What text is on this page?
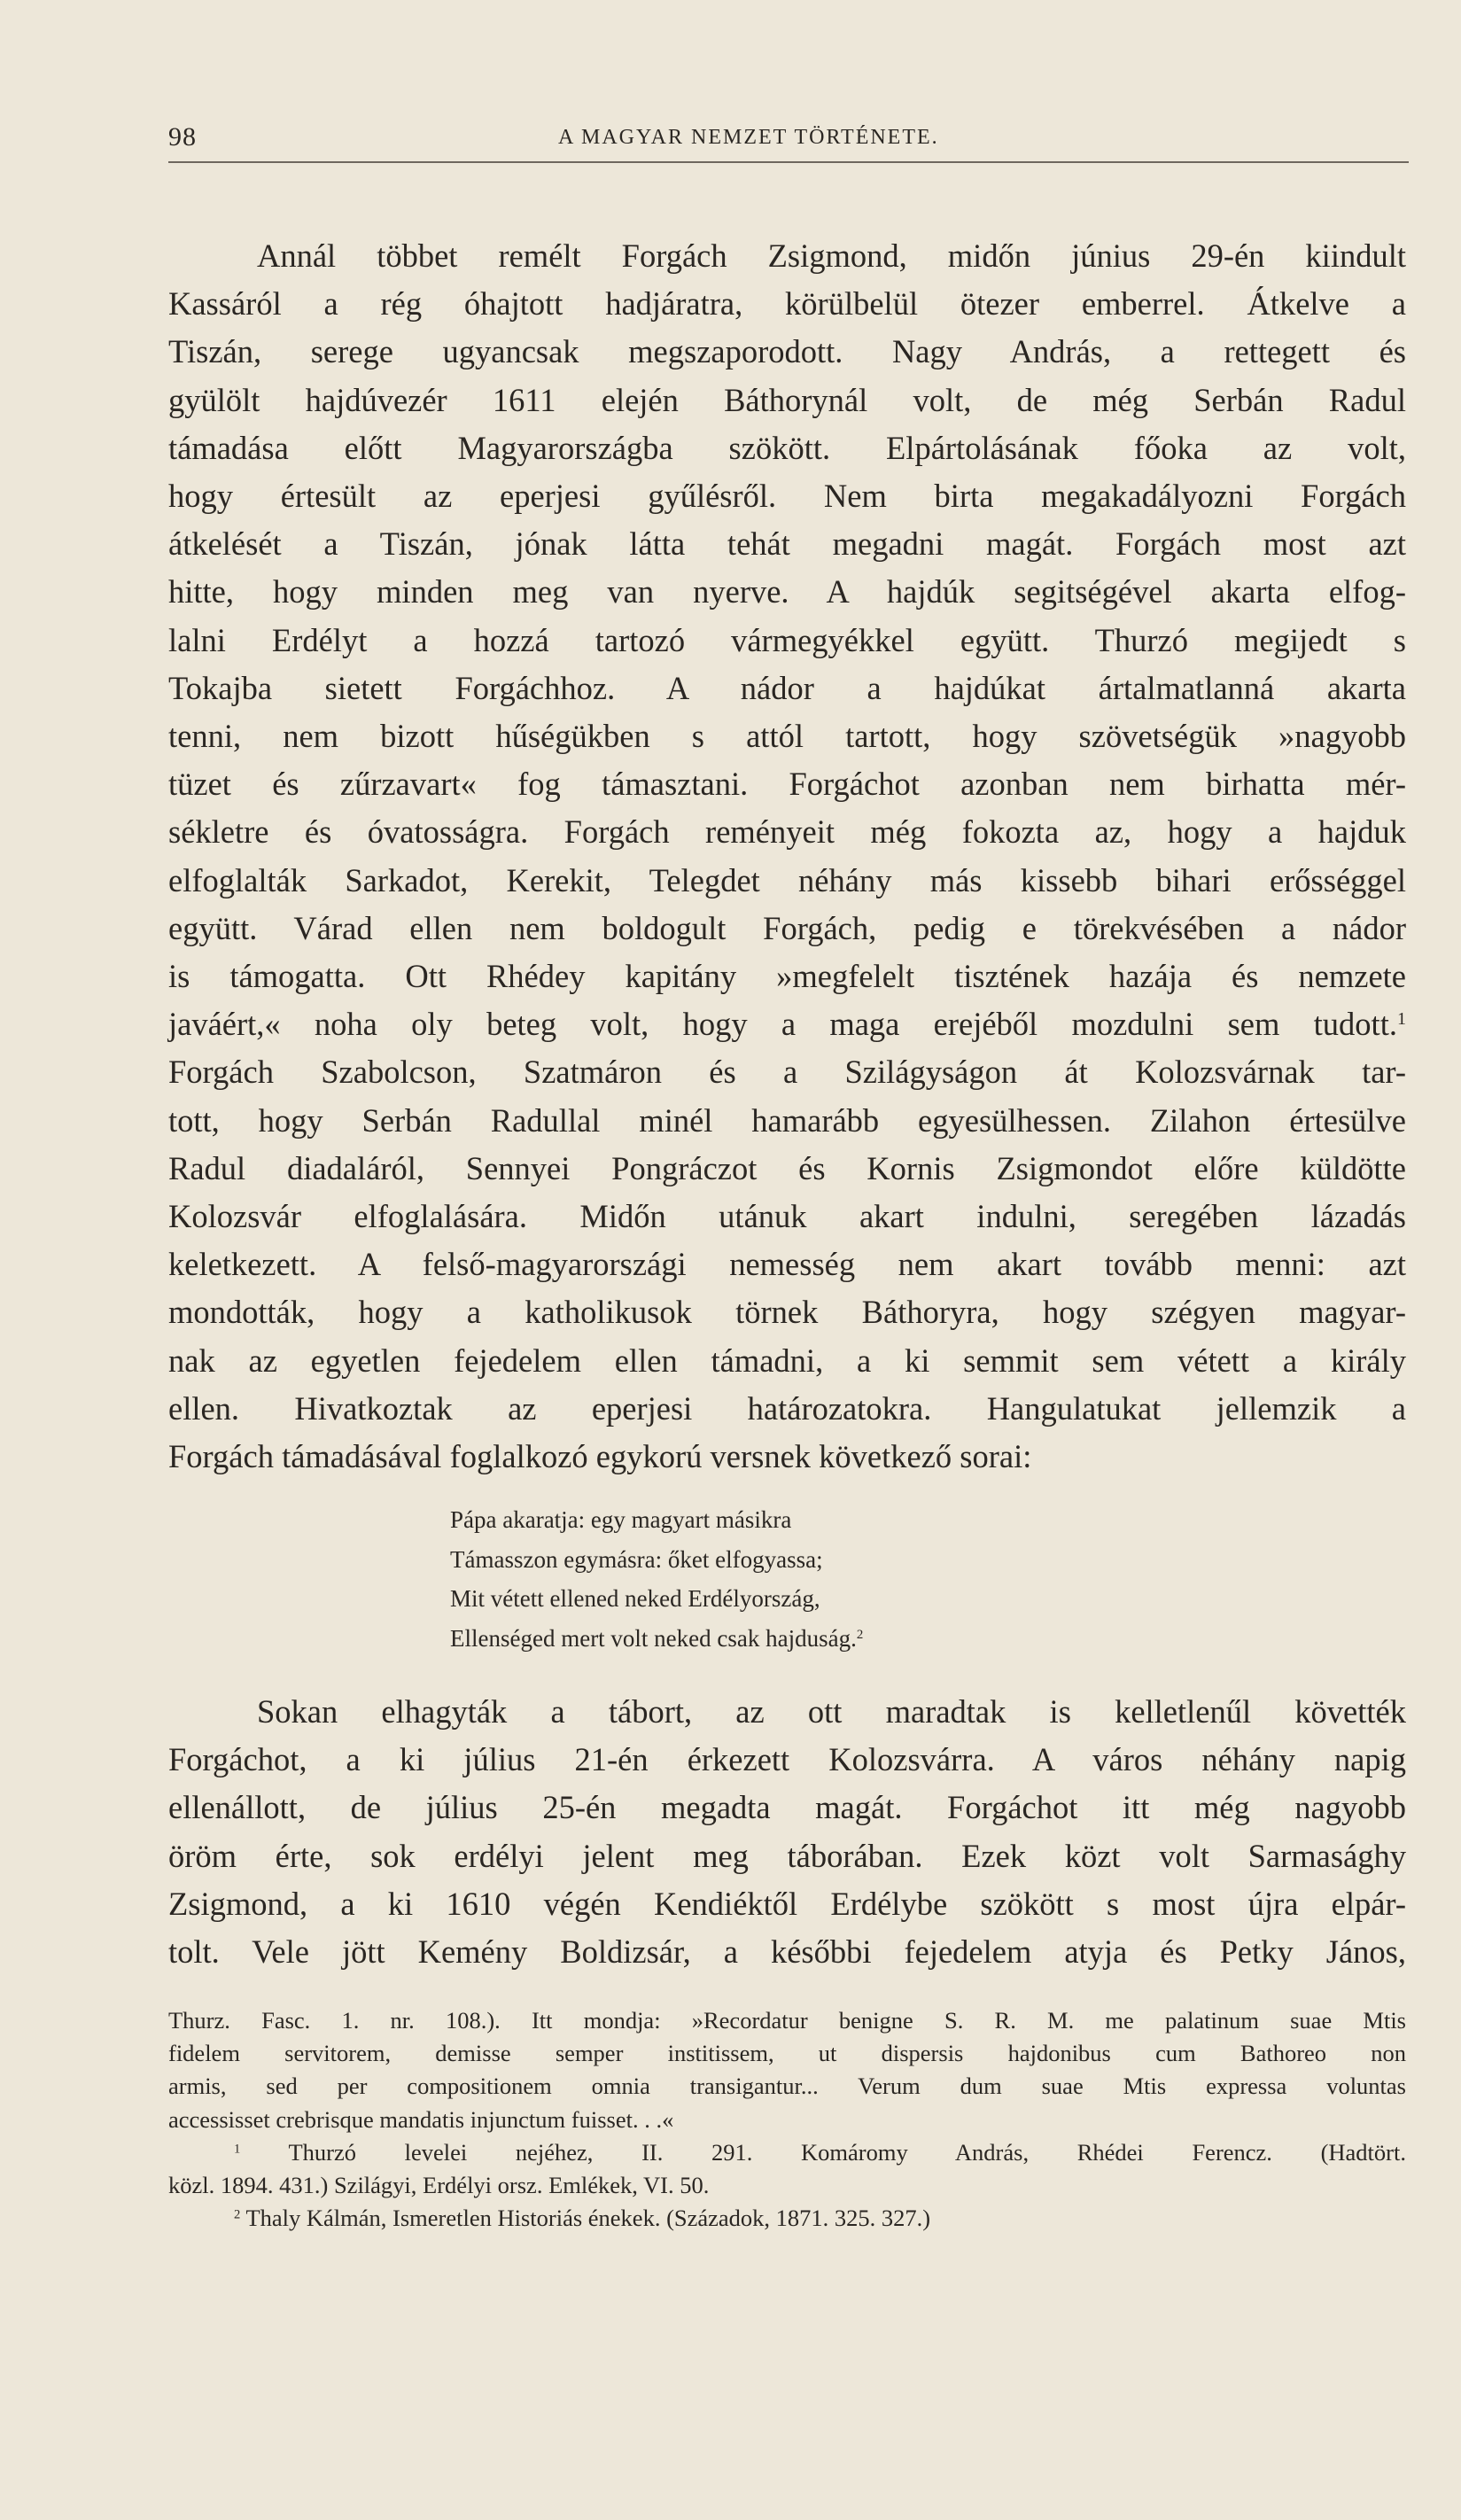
98	A MAGYAR NEMZET TÖRTÉNETE.
Annál többet remélt Forgách Zsigmond, midőn június 29-én kiindult
Kassáról a rég óhajtott hadjáratra, körülbelül ötezer emberrel. Átkelve a
Tiszán, serege ugyancsak megszaporodott. Nagy András, a rettegett és
gyülölt hajdúvezér 1611 elején Báthorynál volt, de még Serbán Radul
támadása előtt Magyarországba szökött. Elpártolásának főoka az volt,
hogy értesült az eperjesi gyűlésről. Nem birta megakadályozni Forgách
átkelését a Tiszán, jónak látta tehát megadni magát. Forgách most azt
hitte, hogy minden meg van nyerve. A hajdúk segitségével akarta elfog-
lalni Erdélyt a hozzá tartozó vármegyékkel együtt. Thurzó megijedt s
Tokajba sietett Forgáchhoz. A nádor a hajdúkat ártalmatlanná akarta
tenni, nem bizott hűségükben s attól tartott, hogy szövetségük »nagyobb
tüzet és zűrzavart« fog támasztani. Forgáchot azonban nem birhatta mér-
sékletre és óvatosságra. Forgách reményeit még fokozta az, hogy a hajduk
elfoglalták Sarkadot, Kerekit, Telegdet néhány más kissebb bihari erősséggel
együtt. Várad ellen nem boldogult Forgách, pedig e törekvésében a nádor
is támogatta. Ott Rhédey kapitány »megfelelt tisztének hazája és nemzete
javáért,« noha oly beteg volt, hogy a maga erejéből mozdulni sem tudott.$^1$
Forgách Szabolcson, Szatmáron és a Szilágyságon át Kolozsvárnak tar-
tott, hogy Serbán Radullal minél hamarább egyesülhessen. Zilahon értesülve
Radul diadaláról, Sennyei Pongráczot és Kornis Zsigmondot előre küldötte
Kolozsvár elfoglalására. Midőn utánuk akart indulni, seregében lázadás
keletkezett. A felső-magyarországi nemesség nem akart tovább menni: azt
mondották, hogy a katholikusok törnek Báthoryra, hogy szégyen magyar-
nak az egyetlen fejedelem ellen támadni, a ki semmit sem vétett a király
ellen. Hivatkoztak az eperjesi határozatokra. Hangulatukat jellemzik a
Forgách támadásával foglalkozó egykorú versnek következő sorai:
Pápa akaratja: egy magyart másikra
Támasszon egymásra: őket elfogyassa;
Mit vétett ellened neked Erdélyország,
Ellenséged mert volt neked csak hajduság.$^2$
Sokan elhagyták a tábort, az ott maradtak is kelletlenűl követték
Forgáchot, a ki július 21-én érkezett Kolozsvárra. A város néhány napig
ellenállott, de július 25-én megadta magát. Forgáchot itt még nagyobb
öröm érte, sok erdélyi jelent meg táborában. Ezek közt volt Sarmasághy
Zsigmond, a ki 1610 végén Kendiéktől Erdélybe szökött s most újra elpár-
tolt. Vele jött Kemény Boldizsár, a későbbi fejedelem atyja és Petky János,
Thurz. Fasc. 1. nr. 108.). Itt mondja: »Recordatur benigne S. R. M. me palatinum suae Mtis
fidelem servitorem, demisse semper institissem, ut dispersis hajdonibus cum Bathoreo non
armis, sed per compositionem omnia transigantur... Verum dum suae Mtis expressa voluntas
accessisset crebrisque mandatis injunctum fuisset. . .«
$^1$ Thurzó levelei nejéhez, II. 291. Komáromy András, Rhédei Ferencz. (Hadtört.
közl. 1894. 431.) Szilágyi, Erdélyi orsz. Emlékek, VI. 50.
$^2$ Thaly Kálmán, Ismeretlen Historiás énekek. (Századok, 1871. 325. 327.)
